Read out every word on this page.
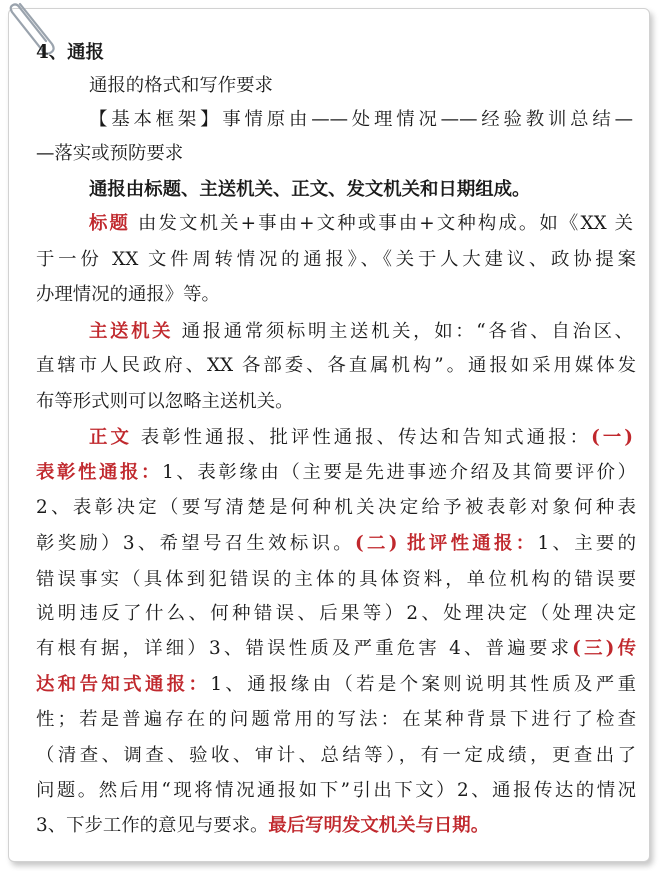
4、通报
通报的格式和写作要求
【基本框架】事情原由——处理情况——经验教训总结—
—落实或预防要求
通报由标题、主送机关、正文、发文机关和日期组成。
标题 由发文机关+事由+文种或事由+文种构成。如《XX 关
于一份 XX 文件周转情况的通报》、《关于人大建议、政协提案
办理情况的通报》等。
主送机关 通报通常须标明主送机关，如：“各省、自治区、
直辖市人民政府、XX 各部委、各直属机构”。通报如采用媒体发
布等形式则可以忽略主送机关。
正文 表彰性通报、批评性通报、传达和告知式通报：(一)
表彰性通报：1、表彰缘由（主要是先进事迹介绍及其简要评价）
2、表彰决定（要写清楚是何种机关决定给予被表彰对象何种表
彰奖励）3、希望号召生效标识。(二) 批评性通报：1、主要的
错误事实（具体到犯错误的主体的具体资料，单位机构的错误要
说明违反了什么、何种错误、后果等）2、处理决定（处理决定
有根有据，详细）3、错误性质及严重危害 4、普遍要求(三)传
达和告知式通报：1、通报缘由（若是个案则说明其性质及严重
性；若是普遍存在的问题常用的写法：在某种背景下进行了检查
（清查、调查、验收、审计、总结等），有一定成绩，更查出了
问题。然后用“现将情况通报如下”引出下文）2、通报传达的情况
3、下步工作的意见与要求。最后写明发文机关与日期。
